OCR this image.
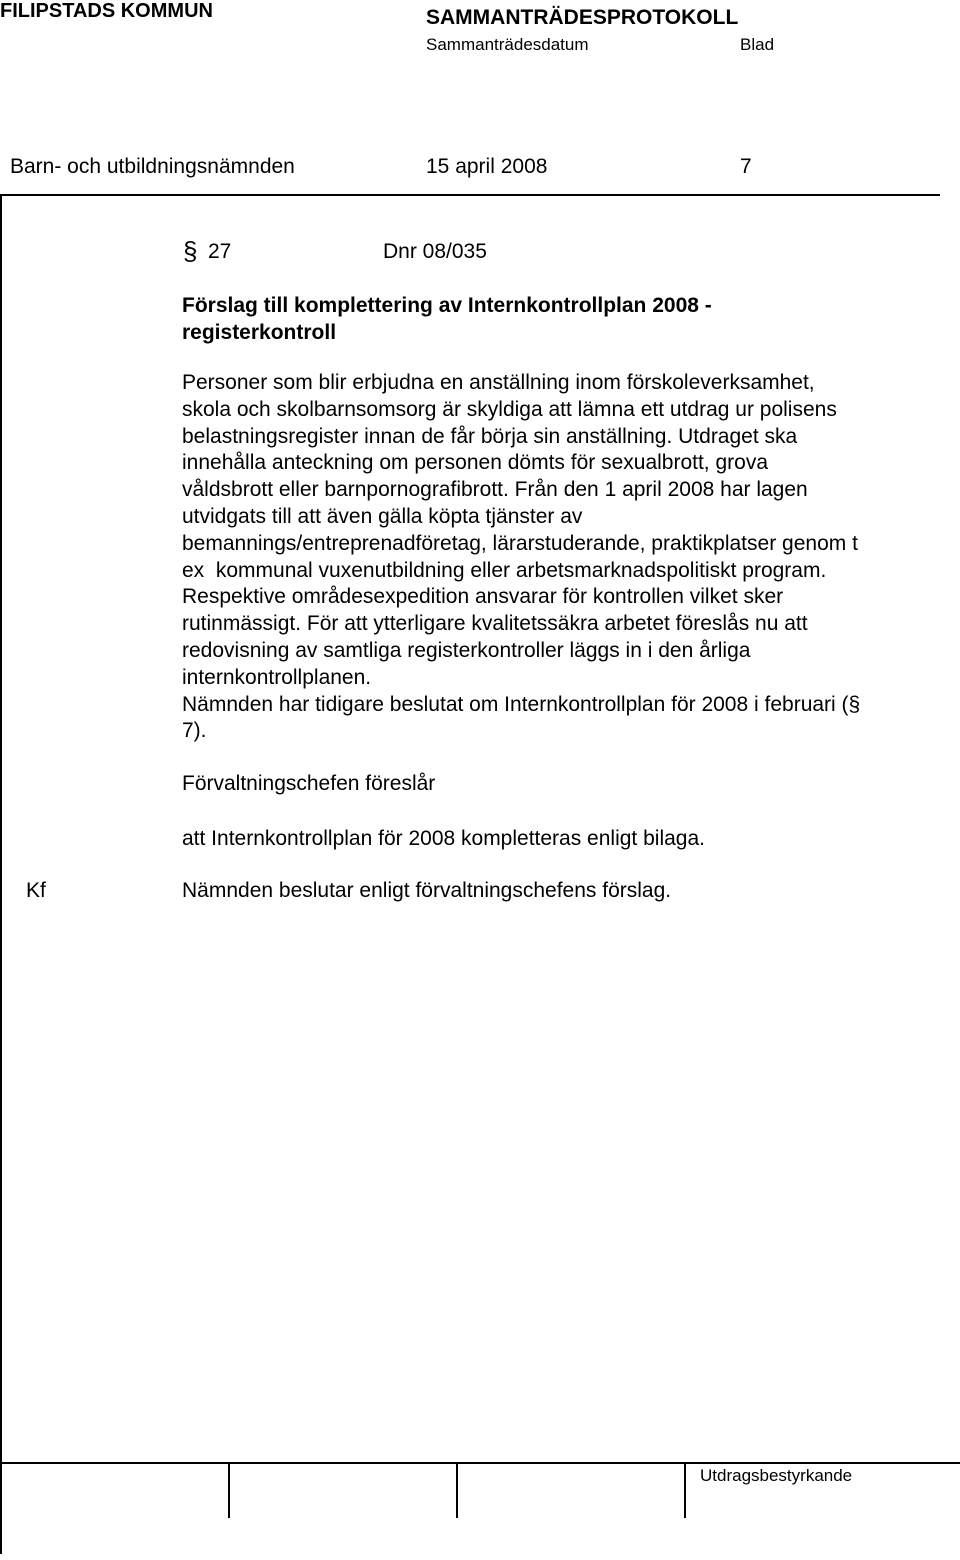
FILIPSTADS KOMMUN	SAMMANTRÄDESPROTOKOLL
Sammanträdesdatum	Blad
Barn- och utbildningsnämnden	15 april 2008	7
§ 27	Dnr 08/035
Förslag till komplettering av Internkontrollplan 2008 -
registerkontroll
Personer som blir erbjudna en anställning inom förskoleverksamhet,
skola och skolbarnsomsorg är skyldiga att lämna ett utdrag ur polisens
belastningsregister innan de får börja sin anställning. Utdraget ska
innehålla anteckning om personen dömts för sexualbrott, grova
våldsbrott eller barnpornografibrott. Från den 1 april 2008 har lagen
utvidgats till att även gälla köpta tjänster av
bemannings/entreprenadföretag, lärarstuderande, praktikplatser genom t
ex  kommunal vuxenutbildning eller arbetsmarknadspolitiskt program.
Respektive områdesexpedition ansvarar för kontrollen vilket sker
rutinmässigt. För att ytterligare kvalitetssäkra arbetet föreslås nu att
redovisning av samtliga registerkontroller läggs in i den årliga
internkontrollplanen.
Nämnden har tidigare beslutat om Internkontrollplan för 2008 i februari (§
7).
Förvaltningschefen föreslår
att Internkontrollplan för 2008 kompletteras enligt bilaga.
Kf	Nämnden beslutar enligt förvaltningschefens förslag.
Utdragsbestyrkande
